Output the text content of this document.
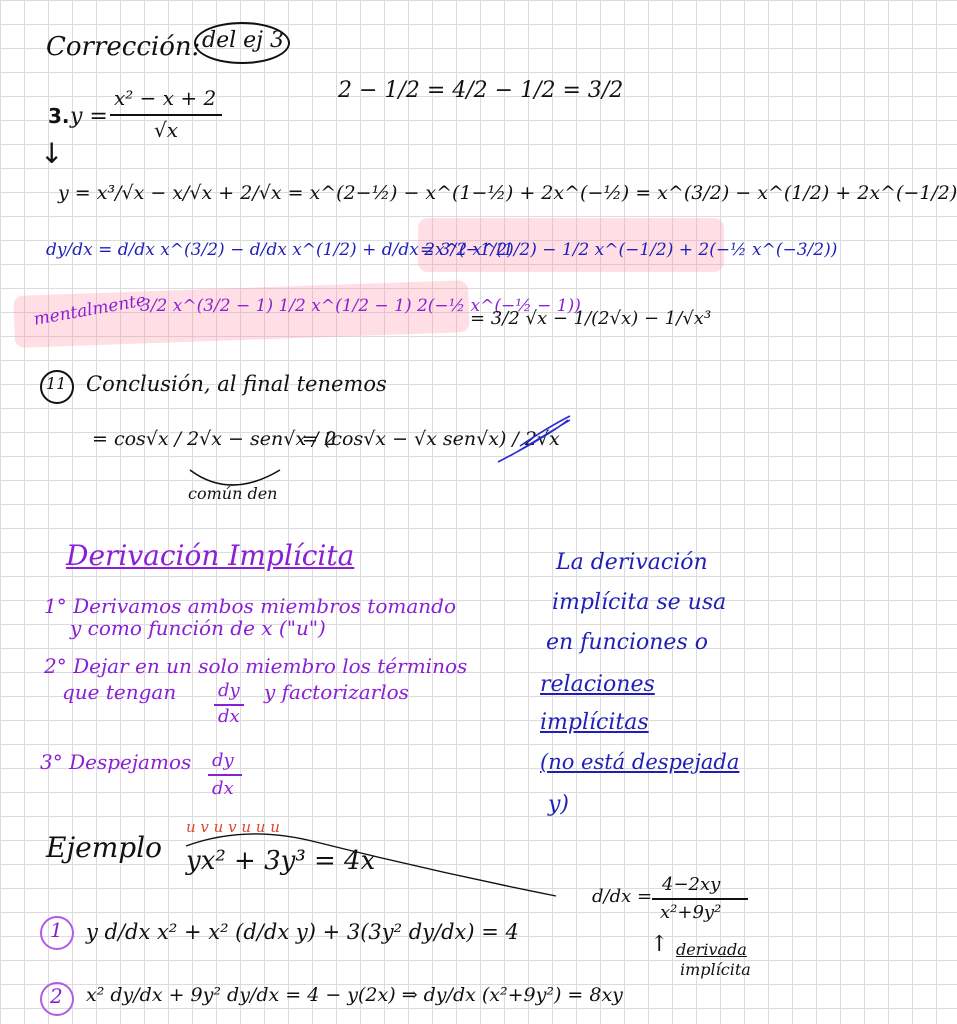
Corrección: del ej 3
2 − 1/2 = 4/2 − 1/2 = 3/2
3. y =
x² − x + 2
√x
↓
y = x³/√x − x/√x + 2/√x = x^(2−½) − x^(1−½) + 2x^(−½) = x^(3/2) − x^(1/2) + 2x^(−1/2)
dy/dx = d/dx x^(3/2) − d/dx x^(1/2) + d/dx 2x^(−1/2)
= 3/2 x^(1/2) − 1/2 x^(−1/2) + 2(−½ x^(−3/2))
mentalmente
3/2 x^(3/2 − 1) 1/2 x^(1/2 − 1) 2(−½ x^(−½ − 1))
= 3/2 √x − 1/(2√x) − 1/√x³
11 Conclusión, al final tenemos
= cos√x / 2√x − sen√x / 2
= (cos√x − √x sen√x) / 2√x
común den
Derivación Implícita
1° Derivamos ambos miembros tomando
y como función de x ("u")
2° Dejar en un solo miembro los términos
que tengan dy
dx
y factorizarlos
3° Despejamos dy
dx
La derivación
implícita se usa
en funciones o
relaciones
implícitas
(no está despejada
y)
Ejemplo
u v u v u u u
yx² + 3y³ = 4x
d/dx =
4−2xy
x²+9y²
↑ derivada
implícita
1 y d/dx x² + x² (d/dx y) + 3(3y² dy/dx) = 4
2 x² dy/dx + 9y² dy/dx = 4 − y(2x) ⇒ dy/dx (x²+9y²) = 8xy
